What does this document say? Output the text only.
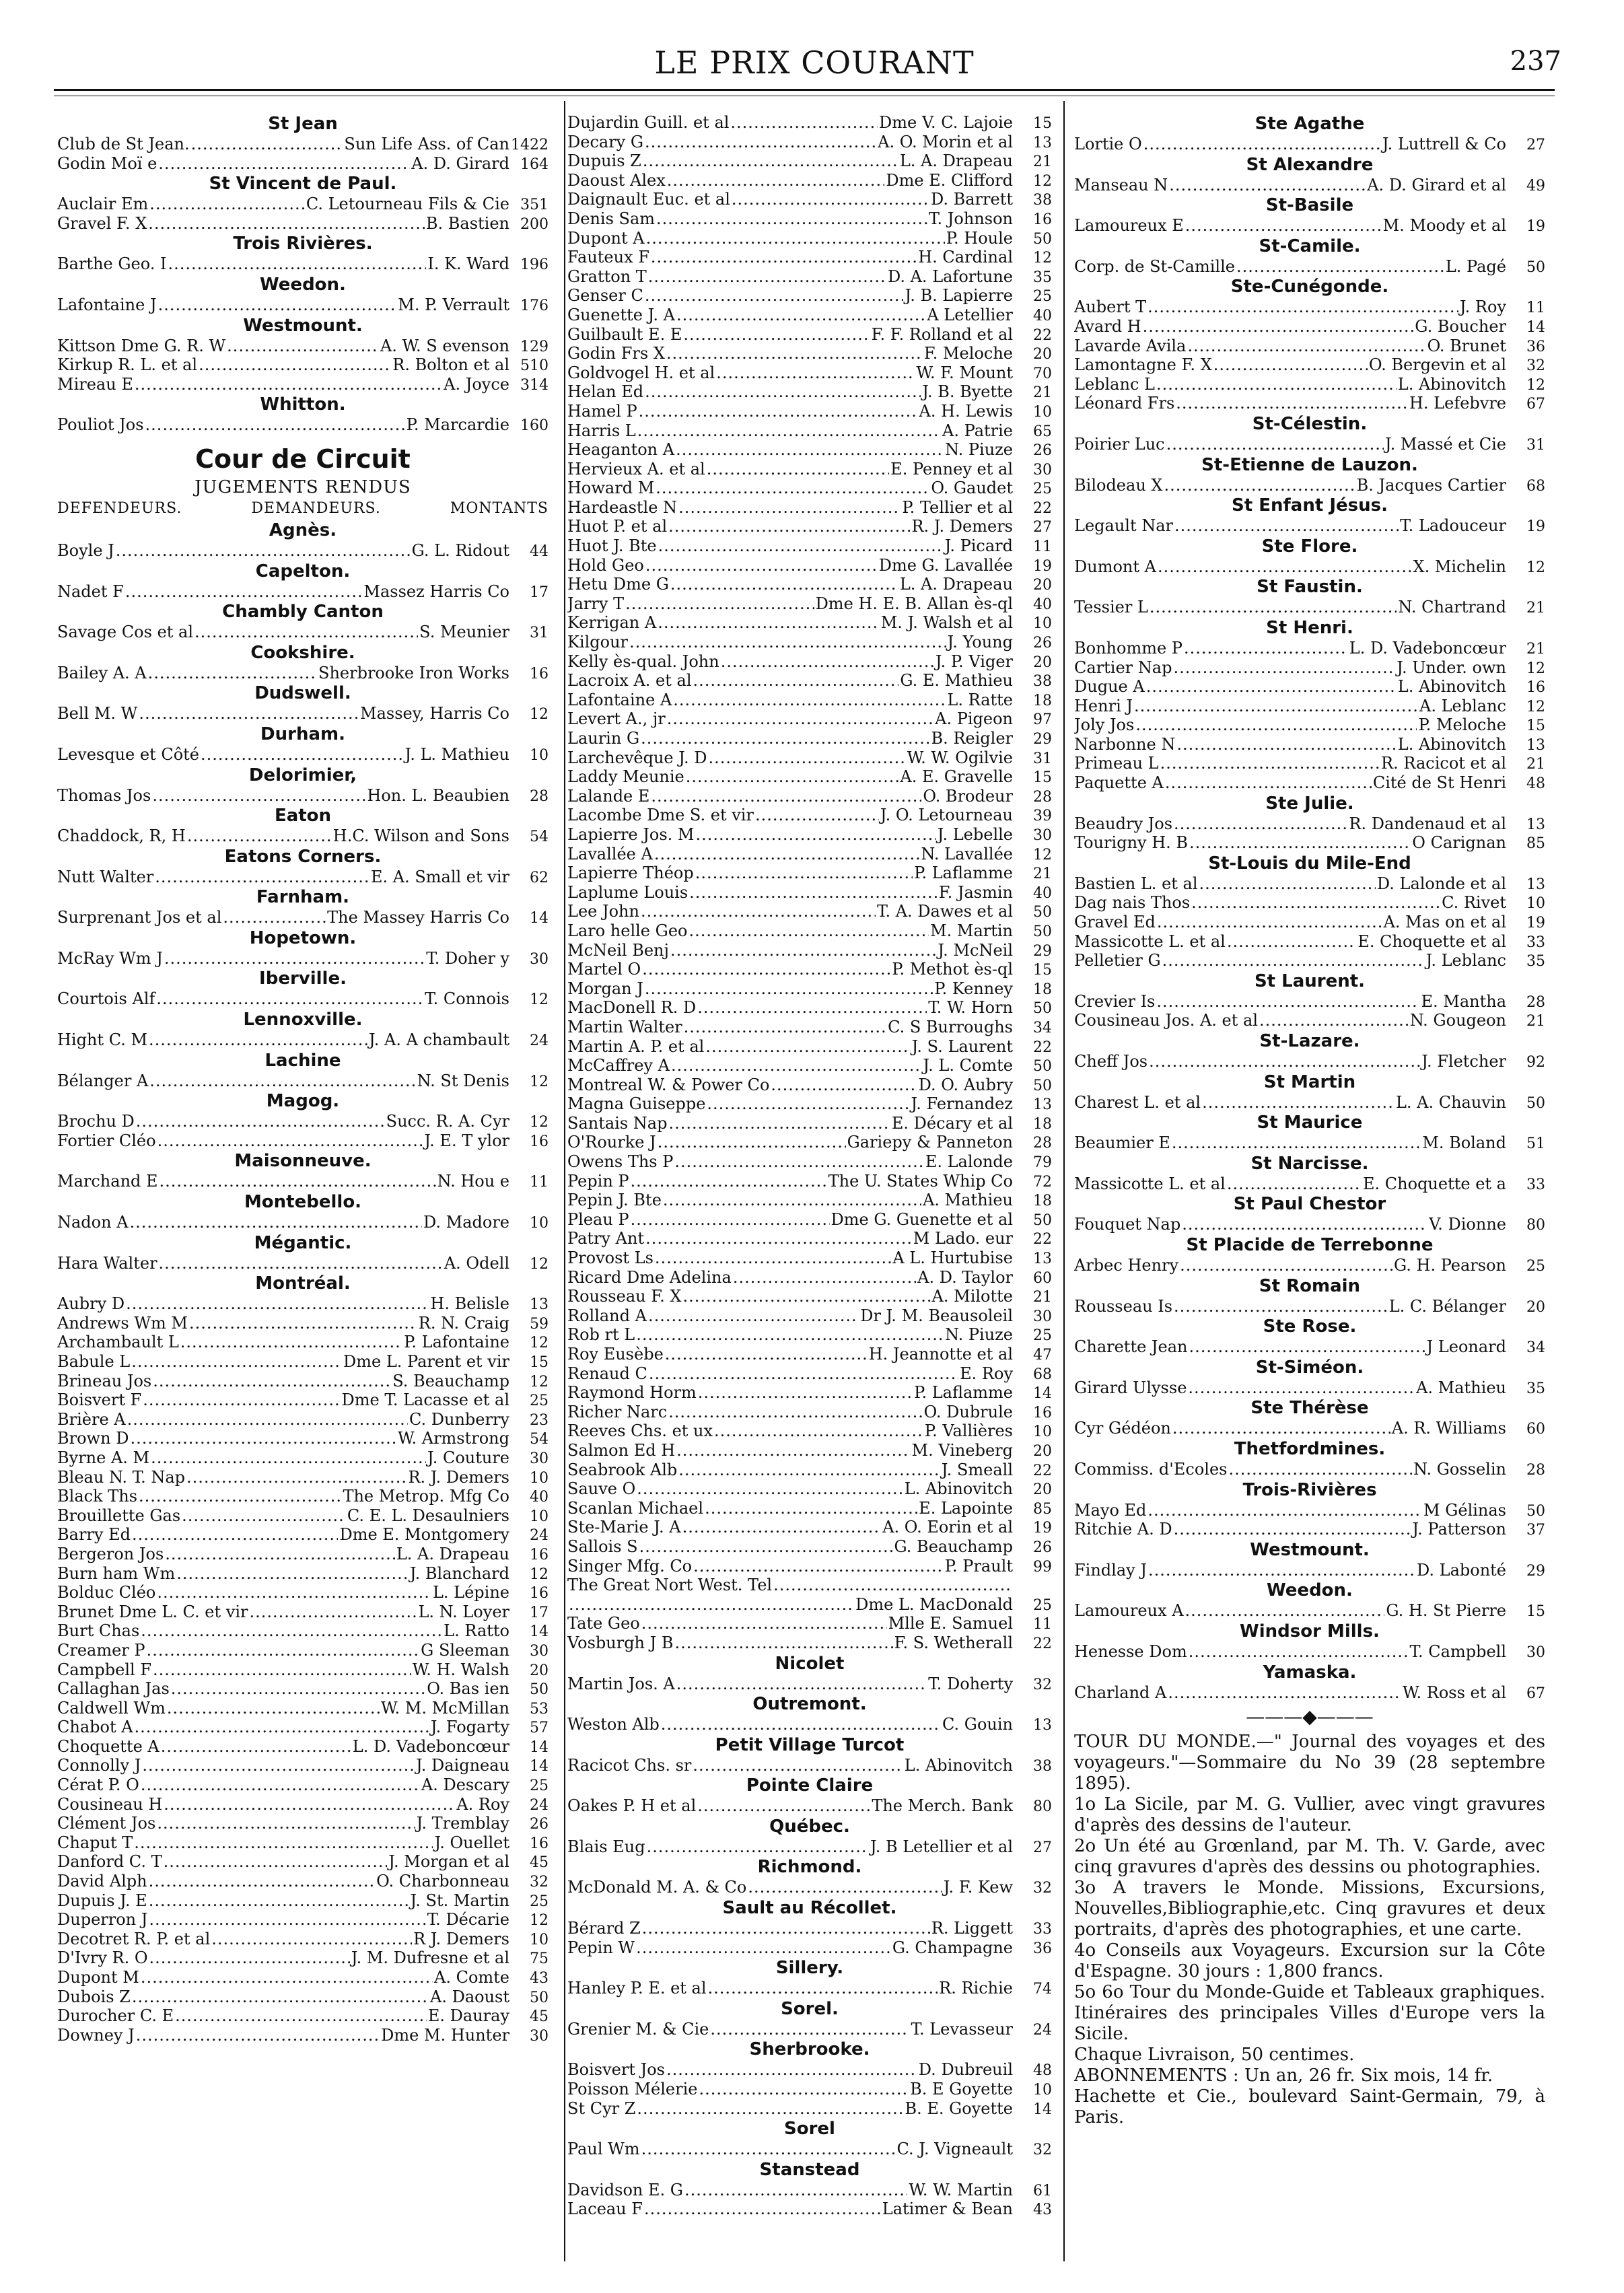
LE PRIX COURANT	237
St Jean
Club de St Jean. .....	Sun Life Ass. of Can 1422
Godin Moï e .....	A. D. Girard 164
St Vincent de Paul.
Auclair Em .....	C. Letourneau Fils & Cie 351
Gravel F. X .....	B. Bastien 200
Trois Rivières.
Barthe Geo. I .....	I. K. Ward 196
Weedon.
Lafontaine J .....	M. P. Verrault 176
Westmount.
Kittson Dme G. R. W .....	A. W. S evenson 129
Kirkup R. L. et al .....	R. Bolton et al 510
Mireau E .....	A. Joyce 314
Whitton.
Pouliot Jos .....	P. Marcardie 160
Cour de Circuit
JUGEMENTS RENDUS
DEFENDEURS.	DEMANDEURS.	MONTANTS
Agnès.
Boyle J .....	G. L. Ridout	44
Capelton.
Nadet F .....	Massez Harris Co	17
Chambly Canton
Savage Cos et al .....	S. Meunier	31
Cookshire.
Bailey A. A .....	Sherbrooke Iron Works	16
Dudswell.
Bell M. W .....	Massey, Harris Co	12
Durham.
Levesque et Côté .....	J. L. Mathieu	10
Delorimier,
Thomas Jos .....	Hon. L. Beaubien	28
Eaton
Chaddock, R, H .....	H.C. Wilson and Sons	54
Eatons Corners.
Nutt Walter .....	E. A. Small et vir	62
Farnham.
Surprenant Jos et al .....	The Massey Harris Co	14
Hopetown.
McRay Wm J .....	T. Doher y	30
Iberville.
Courtois Alf .....	T. Connois	12
Lennoxville.
Hight C. M .....	J. A. A chambault	24
Lachine
Bélanger A .....	N. St Denis	12
Magog.
Brochu D .....	Succ. R. A. Cyr	12
Fortier Cléo .....	J. E. T ylor	16
Maisonneuve.
Marchand E .....	N. Hou e	11
Montebello.
Nadon A .....	D. Madore	10
Mégantic.
Hara Walter .....	A. Odell	12
Montréal.
Aubry D .....	H. Belisle	13
Andrews Wm M .....	R. N. Craig	59
Archambault L .....	P. Lafontaine	12
Babule L .....	Dme L. Parent et vir	15
Brineau Jos .....	S. Beauchamp	12
Boisvert F .....	Dme T. Lacasse et al	25
Brière A .....	C. Dunberry	23
Brown D .....	W. Armstrong	54
Byrne A. M .....	J. Couture	30
Bleau N. T. Nap .....	R. J. Demers	10
Black Ths .....	The Metrop. Mfg Co	40
Brouillette Gas .....	C. E. L. Desaulniers	10
Barry Ed .....	Dme E. Montgomery	24
Bergeron Jos .....	L. A. Drapeau	16
Burn ham Wm .....	J. Blanchard	12
Bolduc Cléo .....	L. Lépine	16
Brunet Dme L. C. et vir .....	L. N. Loyer	17
Burt Chas .....	L. Ratto	14
Creamer P .....	G Sleeman	30
Campbell F .....	W. H. Walsh	20
Callaghan Jas .....	O. Bas ien	50
Caldwell Wm .....	W. M. McMillan	53
Chabot A .....	J. Fogarty	57
Choquette A .....	L. D. Vadeboncœur	14
Connolly J .....	J. Daigneau	14
Cérat P. O .....	A. Descary	25
Cousineau H .....	A. Roy	24
Clément Jos .....	J. Tremblay	26
Chaput T .....	J. Ouellet	16
Danford C. T .....	J. Morgan et al	45
David Alph .....	O. Charbonneau	32
Dupuis J. E .....	J. St. Martin	25
Duperron J .....	T. Décarie	12
Decotret R. P. et al .....	R J. Demers	10
D'Ivry R. O .....	J. M. Dufresne et al	75
Dupont M .....	A. Comte	43
Dubois Z .....	A. Daoust	50
Durocher C. E .....	E. Dauray	45
Downey J .....	Dme M. Hunter	30
Dujardin Guill. et al .....	Dme V. C. Lajoie	15
Decary G .....	A. O. Morin et al	13
Dupuis Z .....	L. A. Drapeau	21
Daoust Alex .....	Dme E. Clifford	12
Daignault Euc. et al .....	D. Barrett	38
Denis Sam .....	T. Johnson	16
Dupont A .....	P. Houle	50
Fauteux F .....	H. Cardinal	12
Gratton T .....	D. A. Lafortune	35
Genser C .....	J. B. Lapierre	25
Guenette J. A .....	A Letellier	40
Guilbault E. E .....	F. F. Rolland et al	22
Godin Frs X .....	F. Meloche	20
Goldvogel H. et al .....	W. F. Mount	70
Helan Ed .....	J. B. Byette	21
Hamel P .....	A. H. Lewis	10
Harris L .....	A. Patrie	65
Heaganton A .....	N. Piuze	26
Hervieux A. et al .....	E. Penney et al	30
Howard M .....	O. Gaudet	25
Hardeastle N .....	P. Tellier et al	22
Huot P. et al .....	R. J. Demers	27
Huot J. Bte .....	J. Picard	11
Hold Geo .....	Dme G. Lavallée	19
Hetu Dme G .....	L. A. Drapeau	20
Jarry T .....	Dme H. E. B. Allan ès-ql	40
Kerrigan A .....	M. J. Walsh et al	10
Kilgour .....	J. Young	26
Kelly ès-qual. John .....	J. P. Viger	20
Lacroix A. et al .....	G. E. Mathieu	38
Lafontaine A .....	L. Ratte	18
Levert A., jr .....	A. Pigeon	97
Laurin G .....	B. Reigler	29
Larchevêque J. D .....	W. W. Ogilvie	31
Laddy Meunie .....	A. E. Gravelle	15
Lalande E .....	O. Brodeur	28
Lacombe Dme S. et vir .....	J. O. Letourneau	39
Lapierre Jos. M .....	J. Lebelle	30
Lavallée A .....	N. Lavallée	12
Lapierre Théop .....	P. Laflamme	21
Laplume Louis .....	F. Jasmin	40
Lee John .....	T. A. Dawes et al	50
Laro helle Geo .....	M. Martin	50
McNeil Benj .....	J. McNeil	29
Martel O .....	P. Methot ès-ql	15
Morgan J .....	P. Kenney	18
MacDonell R. D .....	T. W. Horn	50
Martin Walter .....	C. S Burroughs	34
Martin A. P. et al .....	J. S. Laurent	22
McCaffrey A .....	J. L. Comte	50
Montreal W. & Power Co .....	D. O. Aubry	50
Magna Guiseppe .....	J. Fernandez	13
Santais Nap .....	E. Décary et al	18
O'Rourke J .....	Gariepy & Panneton	28
Owens Ths P .....	E. Lalonde	79
Pepin P .....	The U. States Whip Co	72
Pepin J. Bte .....	A. Mathieu	18
Pleau P .....	Dme G. Guenette et al	50
Patry Ant .....	M Lado. eur	22
Provost Ls .....	A L. Hurtubise	13
Ricard Dme Adelina .....	A. D. Taylor	60
Rousseau F. X .....	A. Milotte	21
Rolland A .....	Dr J. M. Beausoleil	30
Rob rt L .....	N. Piuze	25
Roy Eusèbe .....	H. Jeannotte et al	47
Renaud C .....	E. Roy	68
Raymond Horm .....	P. Laflamme	14
Richer Narc .....	O. Dubrule	16
Reeves Chs. et ux .....	P. Vallières	10
Salmon Ed H .....	M. Vineberg	20
Seabrook Alb .....	J. Smeall	22
Sauve O .....	L. Abinovitch	20
Scanlan Michael .....	E. Lapointe	85
Ste-Marie J. A .....	A. O. Eorin et al	19
Sallois S .....	G. Beauchamp	26
Singer Mfg. Co .....	P. Prault	99
The Great Nort West. Tel
.....
.....
Dme L. MacDonald	25
Tate Geo .....	Mlle E. Samuel	11
Vosburgh J B .....	F. S. Wetherall	22
Nicolet
Martin Jos. A .....	T. Doherty	32
Outremont.
Weston Alb .....	C. Gouin	13
Petit Village Turcot
Racicot Chs. sr .....	L. Abinovitch	38
Pointe Claire
Oakes P. H et al .....	The Merch. Bank	80
Québec.
Blais Eug .....	J. B Letellier et al	27
Richmond.
McDonald M. A. & Co .....	J. F. Kew	32
Sault au Récollet.
Bérard Z .....	R. Liggett	33
Pepin W .....	G. Champagne	36
Sillery.
Hanley P. E. et al .....	R. Richie	74
Sorel.
Grenier M. & Cie .....	T. Levasseur	24
Sherbrooke.
Boisvert Jos .....	D. Dubreuil	48
Poisson Mélerie .....	B. E Goyette	10
St Cyr Z .....	B. E. Goyette	14
Sorel
Paul Wm .....	C. J. Vigneault	32
Stanstead
Davidson E. G .....	W. W. Martin	61
Laceau F .....	Latimer & Bean	43
Ste Agathe
Lortie O .....	J. Luttrell & Co	27
St Alexandre
Manseau N .....	A. D. Girard et al	49
St-Basile
Lamoureux E .....	M. Moody et al	19
St-Camile.
Corp. de St-Camille .....	L. Pagé	50
Ste-Cunégonde.
Aubert T .....	J. Roy	11
Avard H .....	G. Boucher	14
Lavarde Avila .....	O. Brunet	36
Lamontagne F. X .....	O. Bergevin et al	32
Leblanc L .....	L. Abinovitch	12
Léonard Frs .....	H. Lefebvre	67
St-Célestin.
Poirier Luc .....	J. Massé et Cie	31
St-Etienne de Lauzon.
Bilodeau X .....	B. Jacques Cartier	68
St Enfant Jésus.
Legault Nar .....	T. Ladouceur	19
Ste Flore.
Dumont A .....	X. Michelin	12
St Faustin.
Tessier L .....	N. Chartrand	21
St Henri.
Bonhomme P .....	L. D. Vadeboncœur	21
Cartier Nap .....	J. Under. own	12
Dugue A .....	L. Abinovitch	16
Henri J .....	A. Leblanc	12
Joly Jos .....	P. Meloche	15
Narbonne N .....	L. Abinovitch	13
Primeau L .....	R. Racicot et al	21
Paquette A .....	Cité de St Henri	48
Ste Julie.
Beaudry Jos .....	R. Dandenaud et al	13
Tourigny H. B .....	O Carignan	85
St-Louis du Mile-End
Bastien L. et al .....	D. Lalonde et al	13
Dag nais Thos .....	C. Rivet	10
Gravel Ed .....	A. Mas on et al	19
Massicotte L. et al .....	E. Choquette et al	33
Pelletier G .....	J. Leblanc	35
St Laurent.
Crevier Is .....	E. Mantha	28
Cousineau Jos. A. et al .....	N. Gougeon	21
St-Lazare.
Cheff Jos .....	J. Fletcher	92
St Martin
Charest L. et al .....	L. A. Chauvin	50
St Maurice
Beaumier E .....	M. Boland	51
St Narcisse.
Massicotte L. et al .....	E. Choquette et a	33
St Paul Chestor
Fouquet Nap .....	V. Dionne	80
St Placide de Terrebonne
Arbec Henry .....	G. H. Pearson	25
St Romain
Rousseau Is .....	L. C. Bélanger	20
Ste Rose.
Charette Jean .....	J Leonard	34
St-Siméon.
Girard Ulysse .....	A. Mathieu	35
Ste Thérèse
Cyr Gédéon .....	A. R. Williams	60
Thetfordmines.
Commiss. d'Ecoles .....	N. Gosselin	28
Trois-Rivières
Mayo Ed .....	M Gélinas	50
Ritchie A. D .....	J. Patterson	37
Westmount.
Findlay J .....	D. Labonté	29
Weedon.
Lamoureux A .....	G. H. St Pierre	15
Windsor Mills.
Henesse Dom .....	T. Campbell	30
Yamaska.
Charland A .....	W. Ross et al	67
———◆———
TOUR DU MONDE.—" Journal des voyages et des voyageurs."—Sommaire du No 39 (28 septembre 1895).
1o La Sicile, par M. G. Vullier, avec vingt gravures d'après des dessins de l'auteur.
2o Un été au Grœnland, par M. Th. V. Garde, avec cinq gravures d'après des dessins ou photographies.
3o A travers le Monde. Missions, Excursions, Nouvelles,Bibliographie,etc. Cinq gravures et deux portraits, d'après des photographies, et une carte.
4o Conseils aux Voyageurs. Excursion sur la Côte d'Espagne. 30 jours : 1,800 francs.
5o 6o Tour du Monde-Guide et Tableaux graphiques. Itinéraires des principales Villes d'Europe vers la Sicile.
Chaque Livraison, 50 centimes.
ABONNEMENTS : Un an, 26 fr. Six mois, 14 fr.
Hachette et Cie., boulevard Saint-Germain, 79, à Paris.
